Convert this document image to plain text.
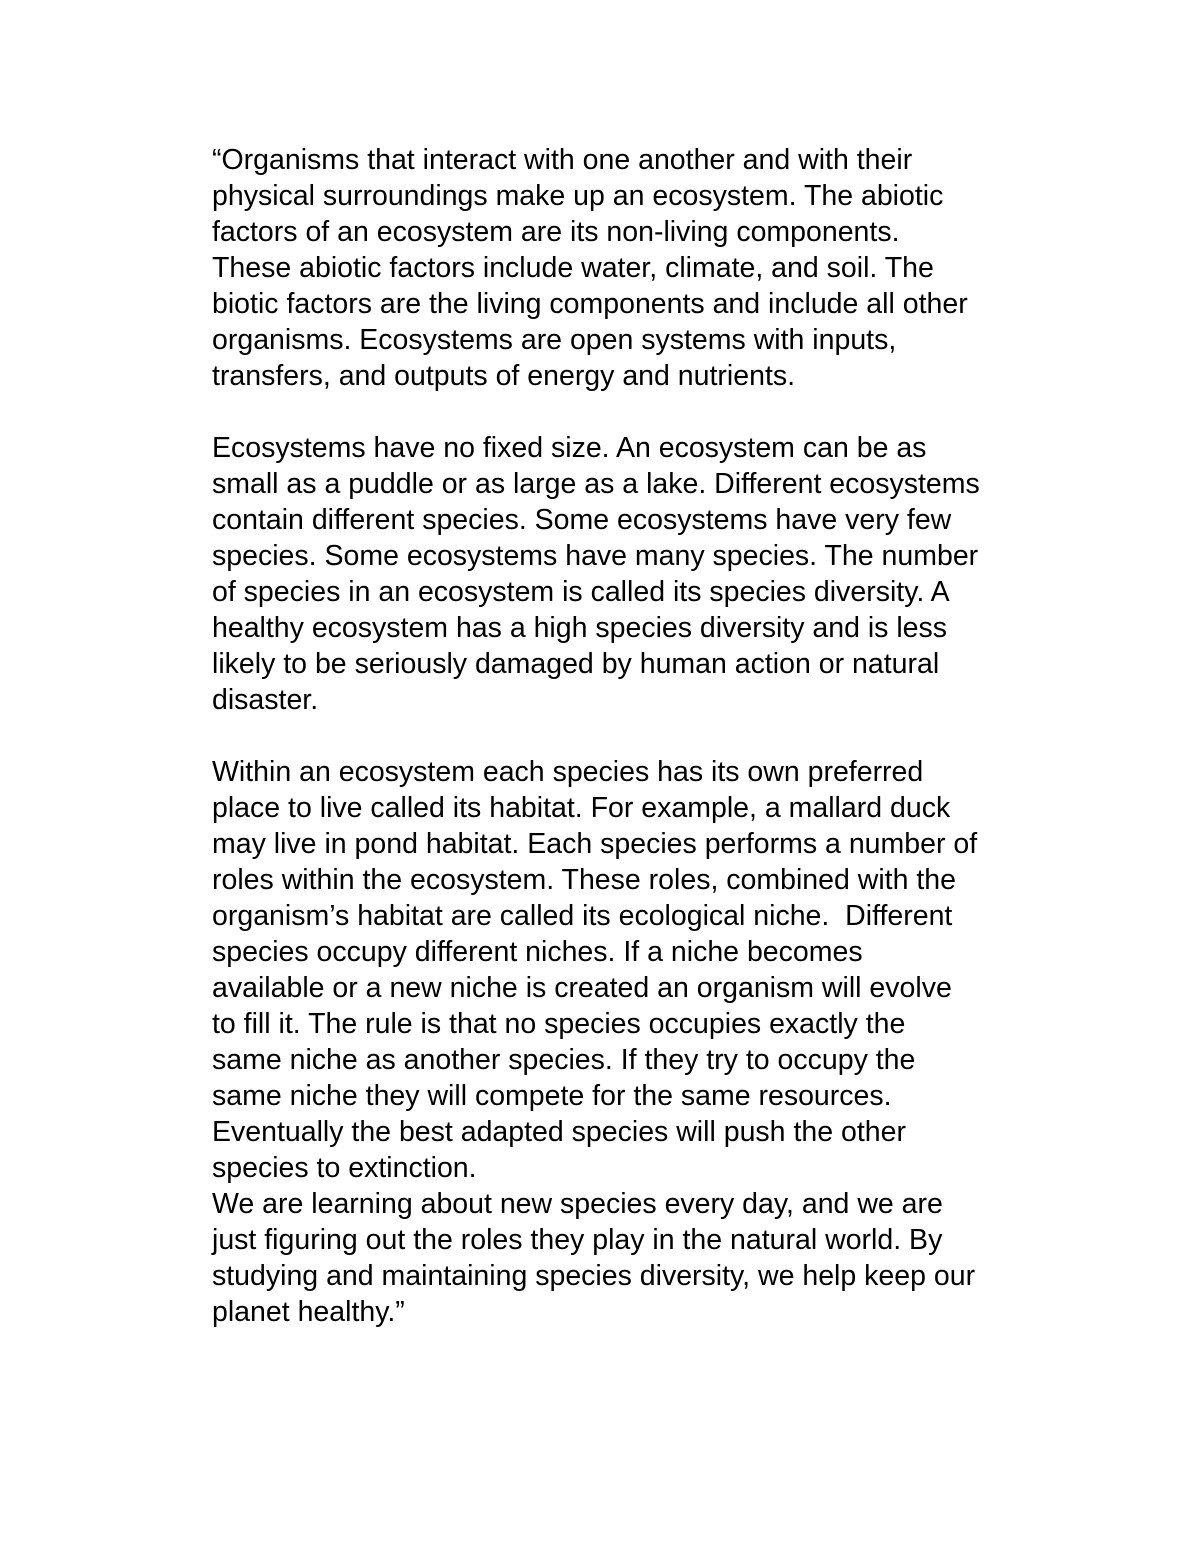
“Organisms that interact with one another and with their
physical surroundings make up an ecosystem. The abiotic
factors of an ecosystem are its non-living components.
These abiotic factors include water, climate, and soil. The
biotic factors are the living components and include all other
organisms. Ecosystems are open systems with inputs,
transfers, and outputs of energy and nutrients.
Ecosystems have no fixed size. An ecosystem can be as
small as a puddle or as large as a lake. Different ecosystems
contain different species. Some ecosystems have very few
species. Some ecosystems have many species. The number
of species in an ecosystem is called its species diversity. A
healthy ecosystem has a high species diversity and is less
likely to be seriously damaged by human action or natural
disaster.
Within an ecosystem each species has its own preferred
place to live called its habitat. For example, a mallard duck
may live in pond habitat. Each species performs a number of
roles within the ecosystem. These roles, combined with the
organism’s habitat are called its ecological niche.  Different
species occupy different niches. If a niche becomes
available or a new niche is created an organism will evolve
to fill it. The rule is that no species occupies exactly the
same niche as another species. If they try to occupy the
same niche they will compete for the same resources.
Eventually the best adapted species will push the other
species to extinction.
We are learning about new species every day, and we are
just figuring out the roles they play in the natural world. By
studying and maintaining species diversity, we help keep our
planet healthy.”
